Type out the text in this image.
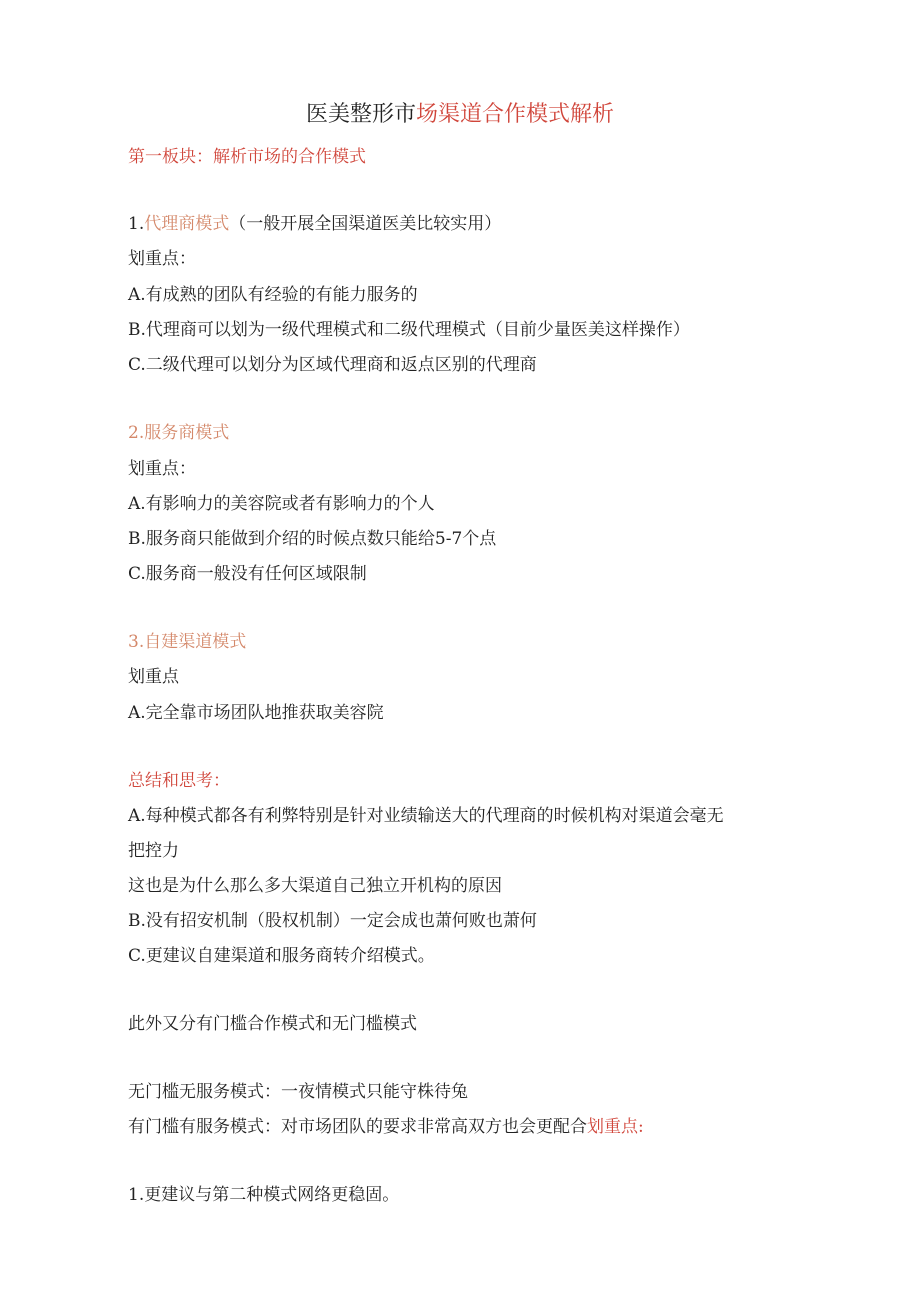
医美整形市场渠道合作模式解析
第一板块：解析市场的合作模式
1.代理商模式（一般开展全国渠道医美比较实用）
划重点：
A.有成熟的团队有经验的有能力服务的
B.代理商可以划为一级代理模式和二级代理模式（目前少量医美这样操作）
C.二级代理可以划分为区域代理商和返点区别的代理商
2.服务商模式
划重点：
A.有影响力的美容院或者有影响力的个人
B.服务商只能做到介绍的时候点数只能给5-7个点
C.服务商一般没有任何区域限制
3.自建渠道模式
划重点
A.完全靠市场团队地推获取美容院
总结和思考：
A.每种模式都各有利弊特别是针对业绩输送大的代理商的时候机构对渠道会毫无
把控力
这也是为什么那么多大渠道自己独立开机构的原因
B.没有招安机制（股权机制）一定会成也萧何败也萧何
C.更建议自建渠道和服务商转介绍模式。
此外又分有门槛合作模式和无门槛模式
无门槛无服务模式：一夜情模式只能守株待兔
有门槛有服务模式：对市场团队的要求非常高双方也会更配合划重点:
1.更建议与第二种模式网络更稳固。
